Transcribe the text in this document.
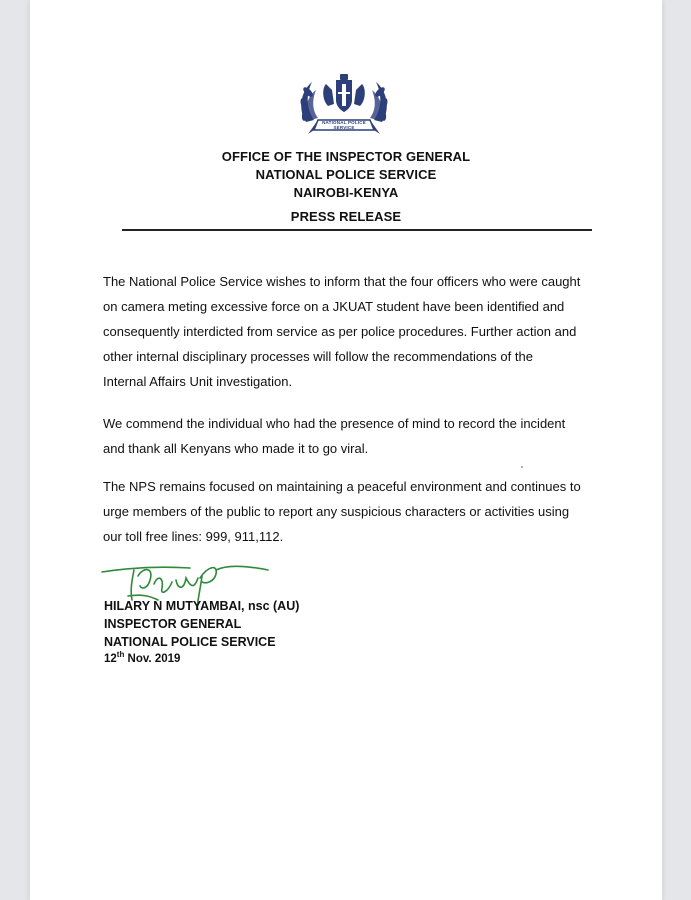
NATIONAL POLICE SERVICE
OFFICE OF THE INSPECTOR GENERAL
NATIONAL POLICE SERVICE
NAIROBI-KENYA
PRESS RELEASE
The National Police Service wishes to inform that the four officers who were caught
on camera meting excessive force on a JKUAT student have been identified and
consequently interdicted from service as per police procedures. Further action and
other internal disciplinary processes will follow the recommendations of the
Internal Affairs Unit investigation.
We commend the individual who had the presence of mind to record the incident
and thank all Kenyans who made it to go viral.
The NPS remains focused on maintaining a peaceful environment and continues to
urge members of the public to report any suspicious characters or activities using
our toll free lines: 999, 911,112.
HILARY N MUTYAMBAI, nsc (AU)
INSPECTOR GENERAL
NATIONAL POLICE SERVICE
12th Nov. 2019
